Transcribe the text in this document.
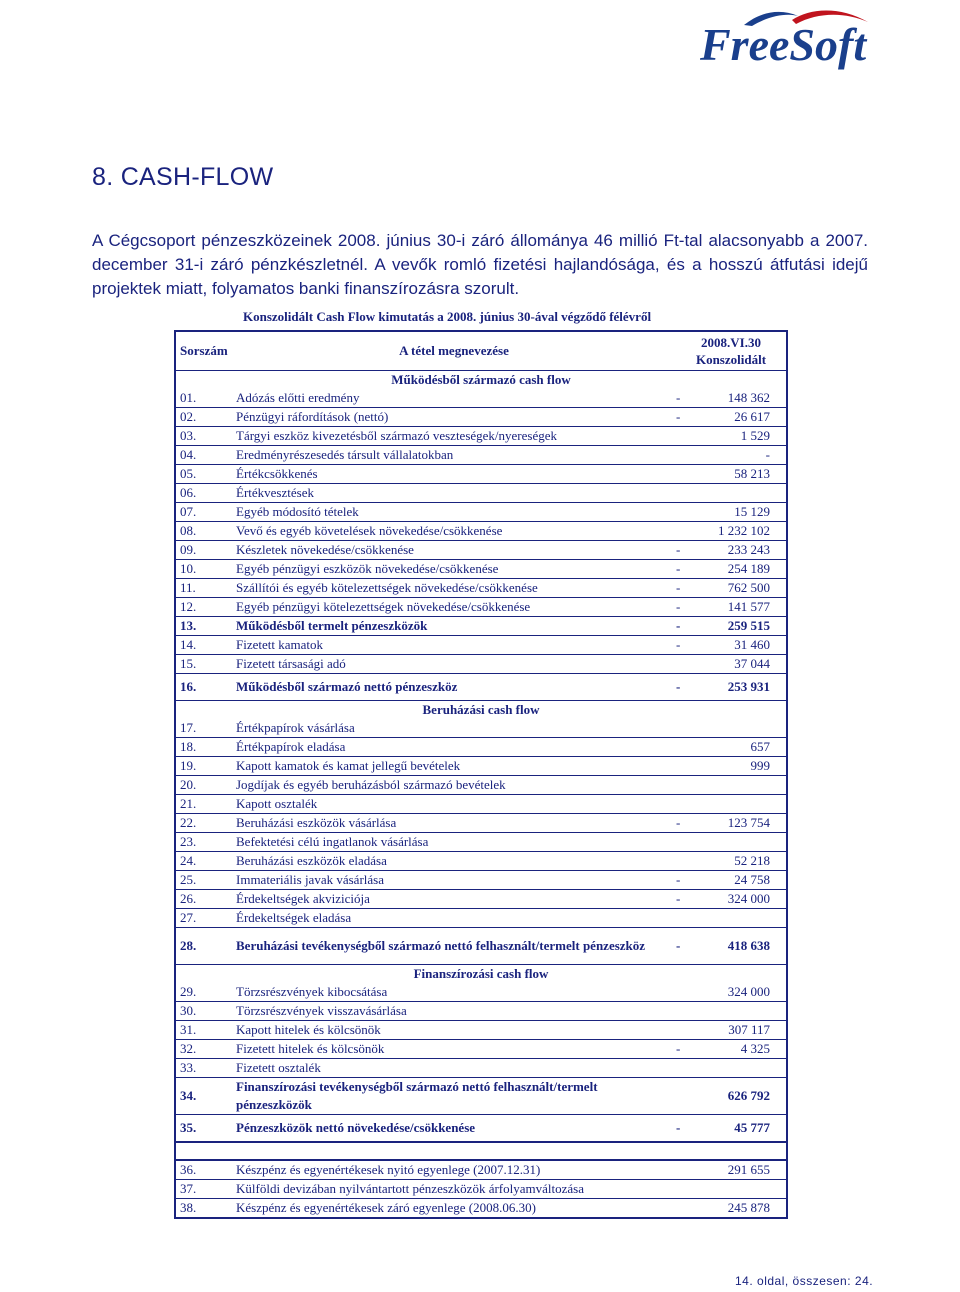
FreeSoft
8. CASH-FLOW

A Cégcsoport pénzeszközeinek 2008. június 30-i záró állománya 46 millió Ft-tal alacsonyabb a 2007. december 31-i záró pénzkészletnél. A vevők romló fizetési hajlandósága, és a hosszú átfutási idejű projektek miatt, folyamatos banki finanszírozásra szorult.

Konszolidált Cash Flow kimutatás a 2008. június 30-ával végződő félévről
Sorszám	A tétel megnevezése	2008.VI.30
Konszolidált

Működésből származó cash flow		
01.	Adózás előtti eredmény	- 148 362

02.	Pénzügyi ráfordítások (nettó)	- 26 617

03.	Tárgyi eszköz kivezetésből származó veszteségek/nyereségek	1 529

04.	Eredményrészesedés társult vállalatokban	-

05.	Értékcsökkenés	58 213

06.	Értékvesztések	

07.	Egyéb módosító tételek	15 129

08.	Vevő és egyéb követelések növekedése/csökkenése	1 232 102

09.	Készletek növekedése/csökkenése	- 233 243

10.	Egyéb pénzügyi eszközök növekedése/csökkenése	- 254 189

11.	Szállítói és egyéb kötelezettségek növekedése/csökkenése	- 762 500

12.	Egyéb pénzügyi kötelezettségek növekedése/csökkenése	- 141 577

13.	Működésből termelt pénzeszközök	- 259 515

14.	Fizetett kamatok	- 31 460

15.	Fizetett társasági adó	37 044

16.	Működésből származó nettó pénzeszköz	- 253 931

Beruházási cash flow		
17.	Értékpapírok vásárlása	

18.	Értékpapírok eladása	657

19.	Kapott kamatok és kamat jellegű bevételek	999

20.	Jogdíjak és egyéb beruházásból származó bevételek	

21.	Kapott osztalék	

22.	Beruházási eszközök vásárlása	- 123 754

23.	Befektetési célú ingatlanok vásárlása	

24.	Beruházási eszközök eladása	52 218

25.	Immateriális javak vásárlása	- 24 758

26.	Érdekeltségek akviziciója	- 324 000

27.	Érdekeltségek eladása	

28.	Beruházási tevékenységből származó nettó felhasznált/termelt pénzeszköz	- 418 638

Finanszírozási cash flow		
29.	Törzsrészvények kibocsátása	324 000

30.	Törzsrészvények visszavásárlása	

31.	Kapott hitelek és kölcsönök	307 117

32.	Fizetett hitelek és kölcsönök	- 4 325

33.	Fizetett osztalék	

34.	Finanszírozási tevékenységből származó nettó felhasznált/termelt pénzeszközök	626 792

35.	Pénzeszközök nettó növekedése/csökkenése	- 45 777

36.	Készpénz és egyenértékesek nyitó egyenlege (2007.12.31)	291 655

37.	Külföldi devizában nyilvántartott pénzeszközök árfolyamváltozása	

38.	Készpénz és egyenértékesek záró egyenlege (2008.06.30)	245 878
14. oldal, összesen: 24.
